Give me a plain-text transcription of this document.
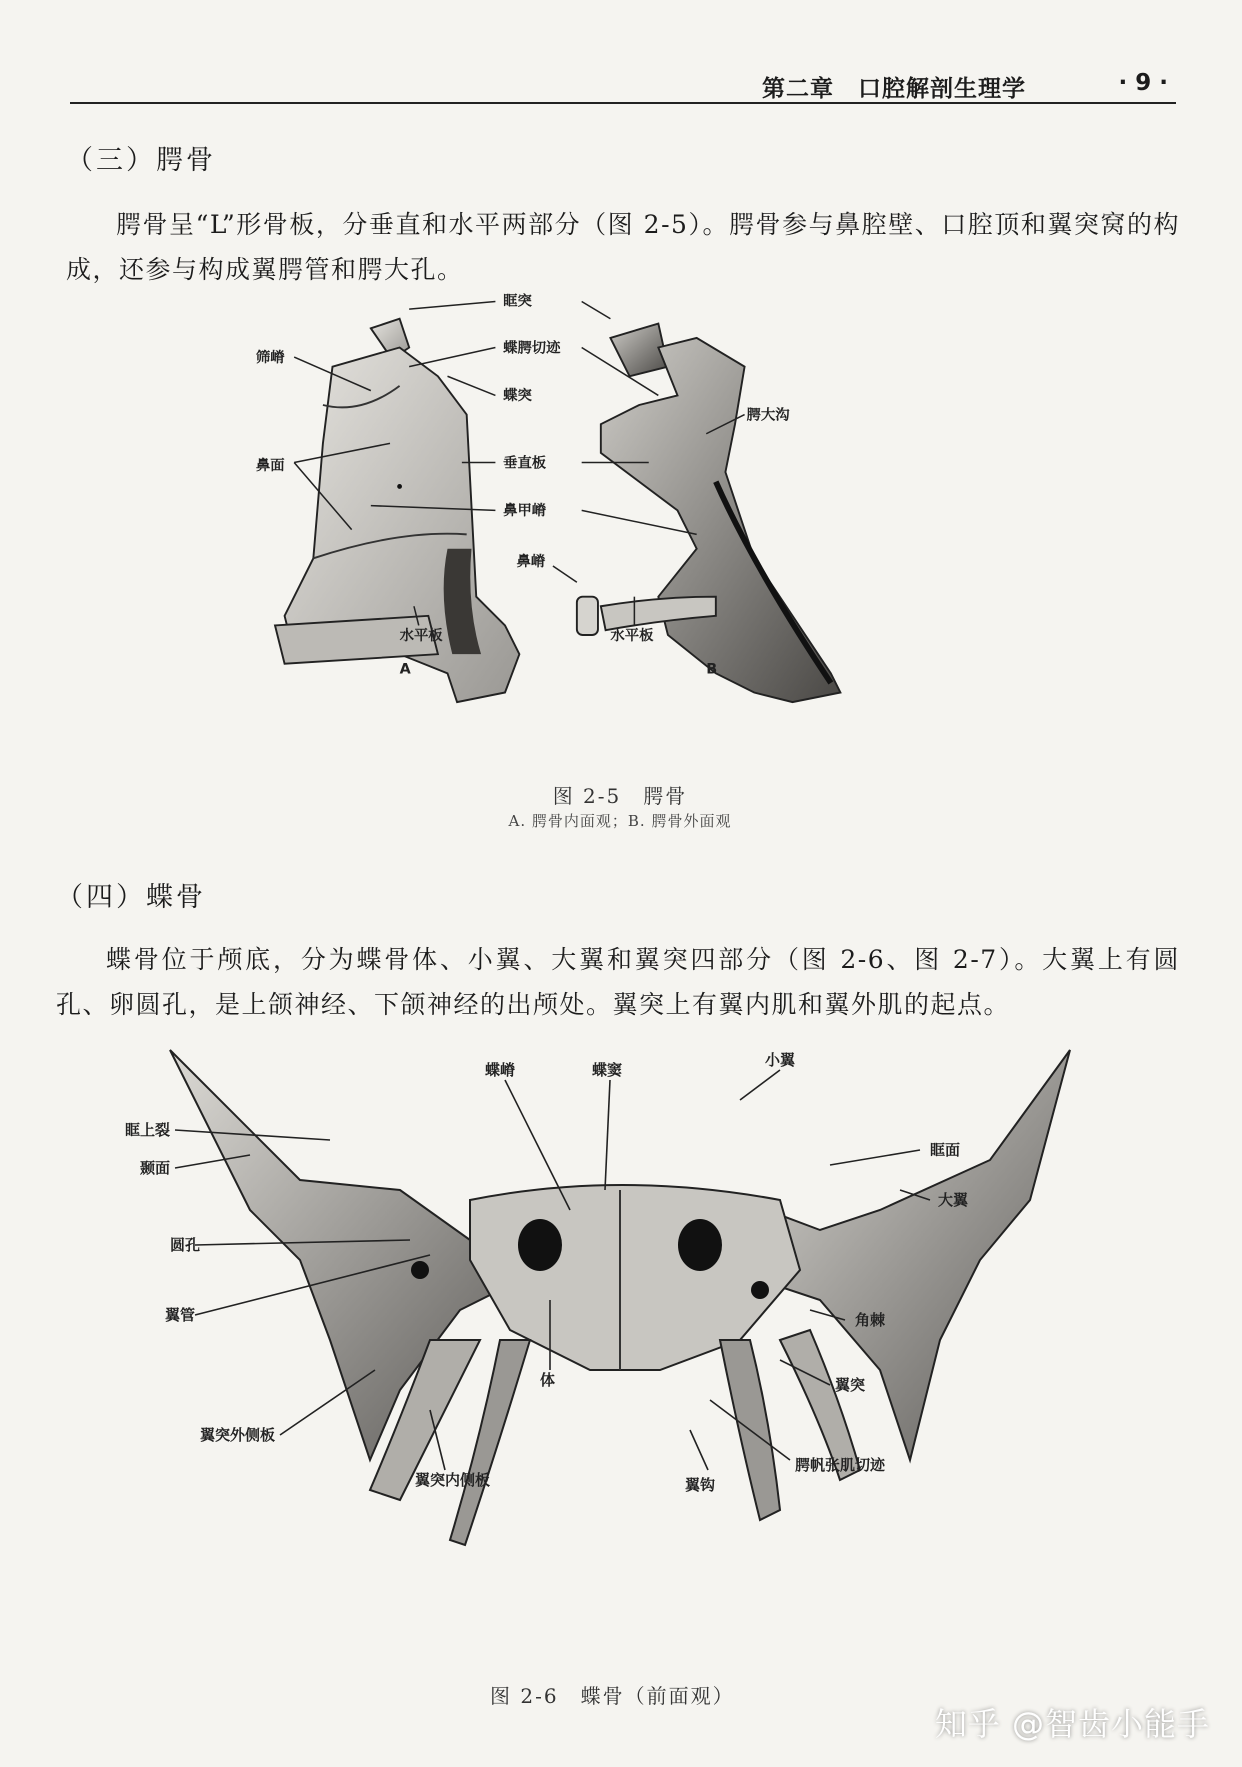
第二章　口腔解剖生理学	· 9 ·
（三）腭骨
腭骨呈“L”形骨板，分垂直和水平两部分（图 2-5）。腭骨参与鼻腔壁、口腔顶和翼突窝的构成，还参与构成翼腭管和腭大孔。
眶突
筛嵴
蝶腭切迹
蝶突
鼻面	垂直板
腭大沟
鼻甲嵴
鼻嵴
水平板	水平板
A	B
图 2-5　腭骨
A. 腭骨内面观；B. 腭骨外面观
（四）蝶骨
蝶骨位于颅底，分为蝶骨体、小翼、大翼和翼突四部分（图 2-6、图 2-7）。大翼上有圆孔、卵圆孔，是上颌神经、下颌神经的出颅处。翼突上有翼内肌和翼外肌的起点。
蝶嵴	蝶窦
小翼
眶上裂
颞面
眶面
大翼
圆孔
翼管
体
角棘
翼突外侧板
翼突
翼突内侧板	翼钩
腭帆张肌切迹
图 2-6　蝶骨（前面观）
知乎 @智齿小能手
